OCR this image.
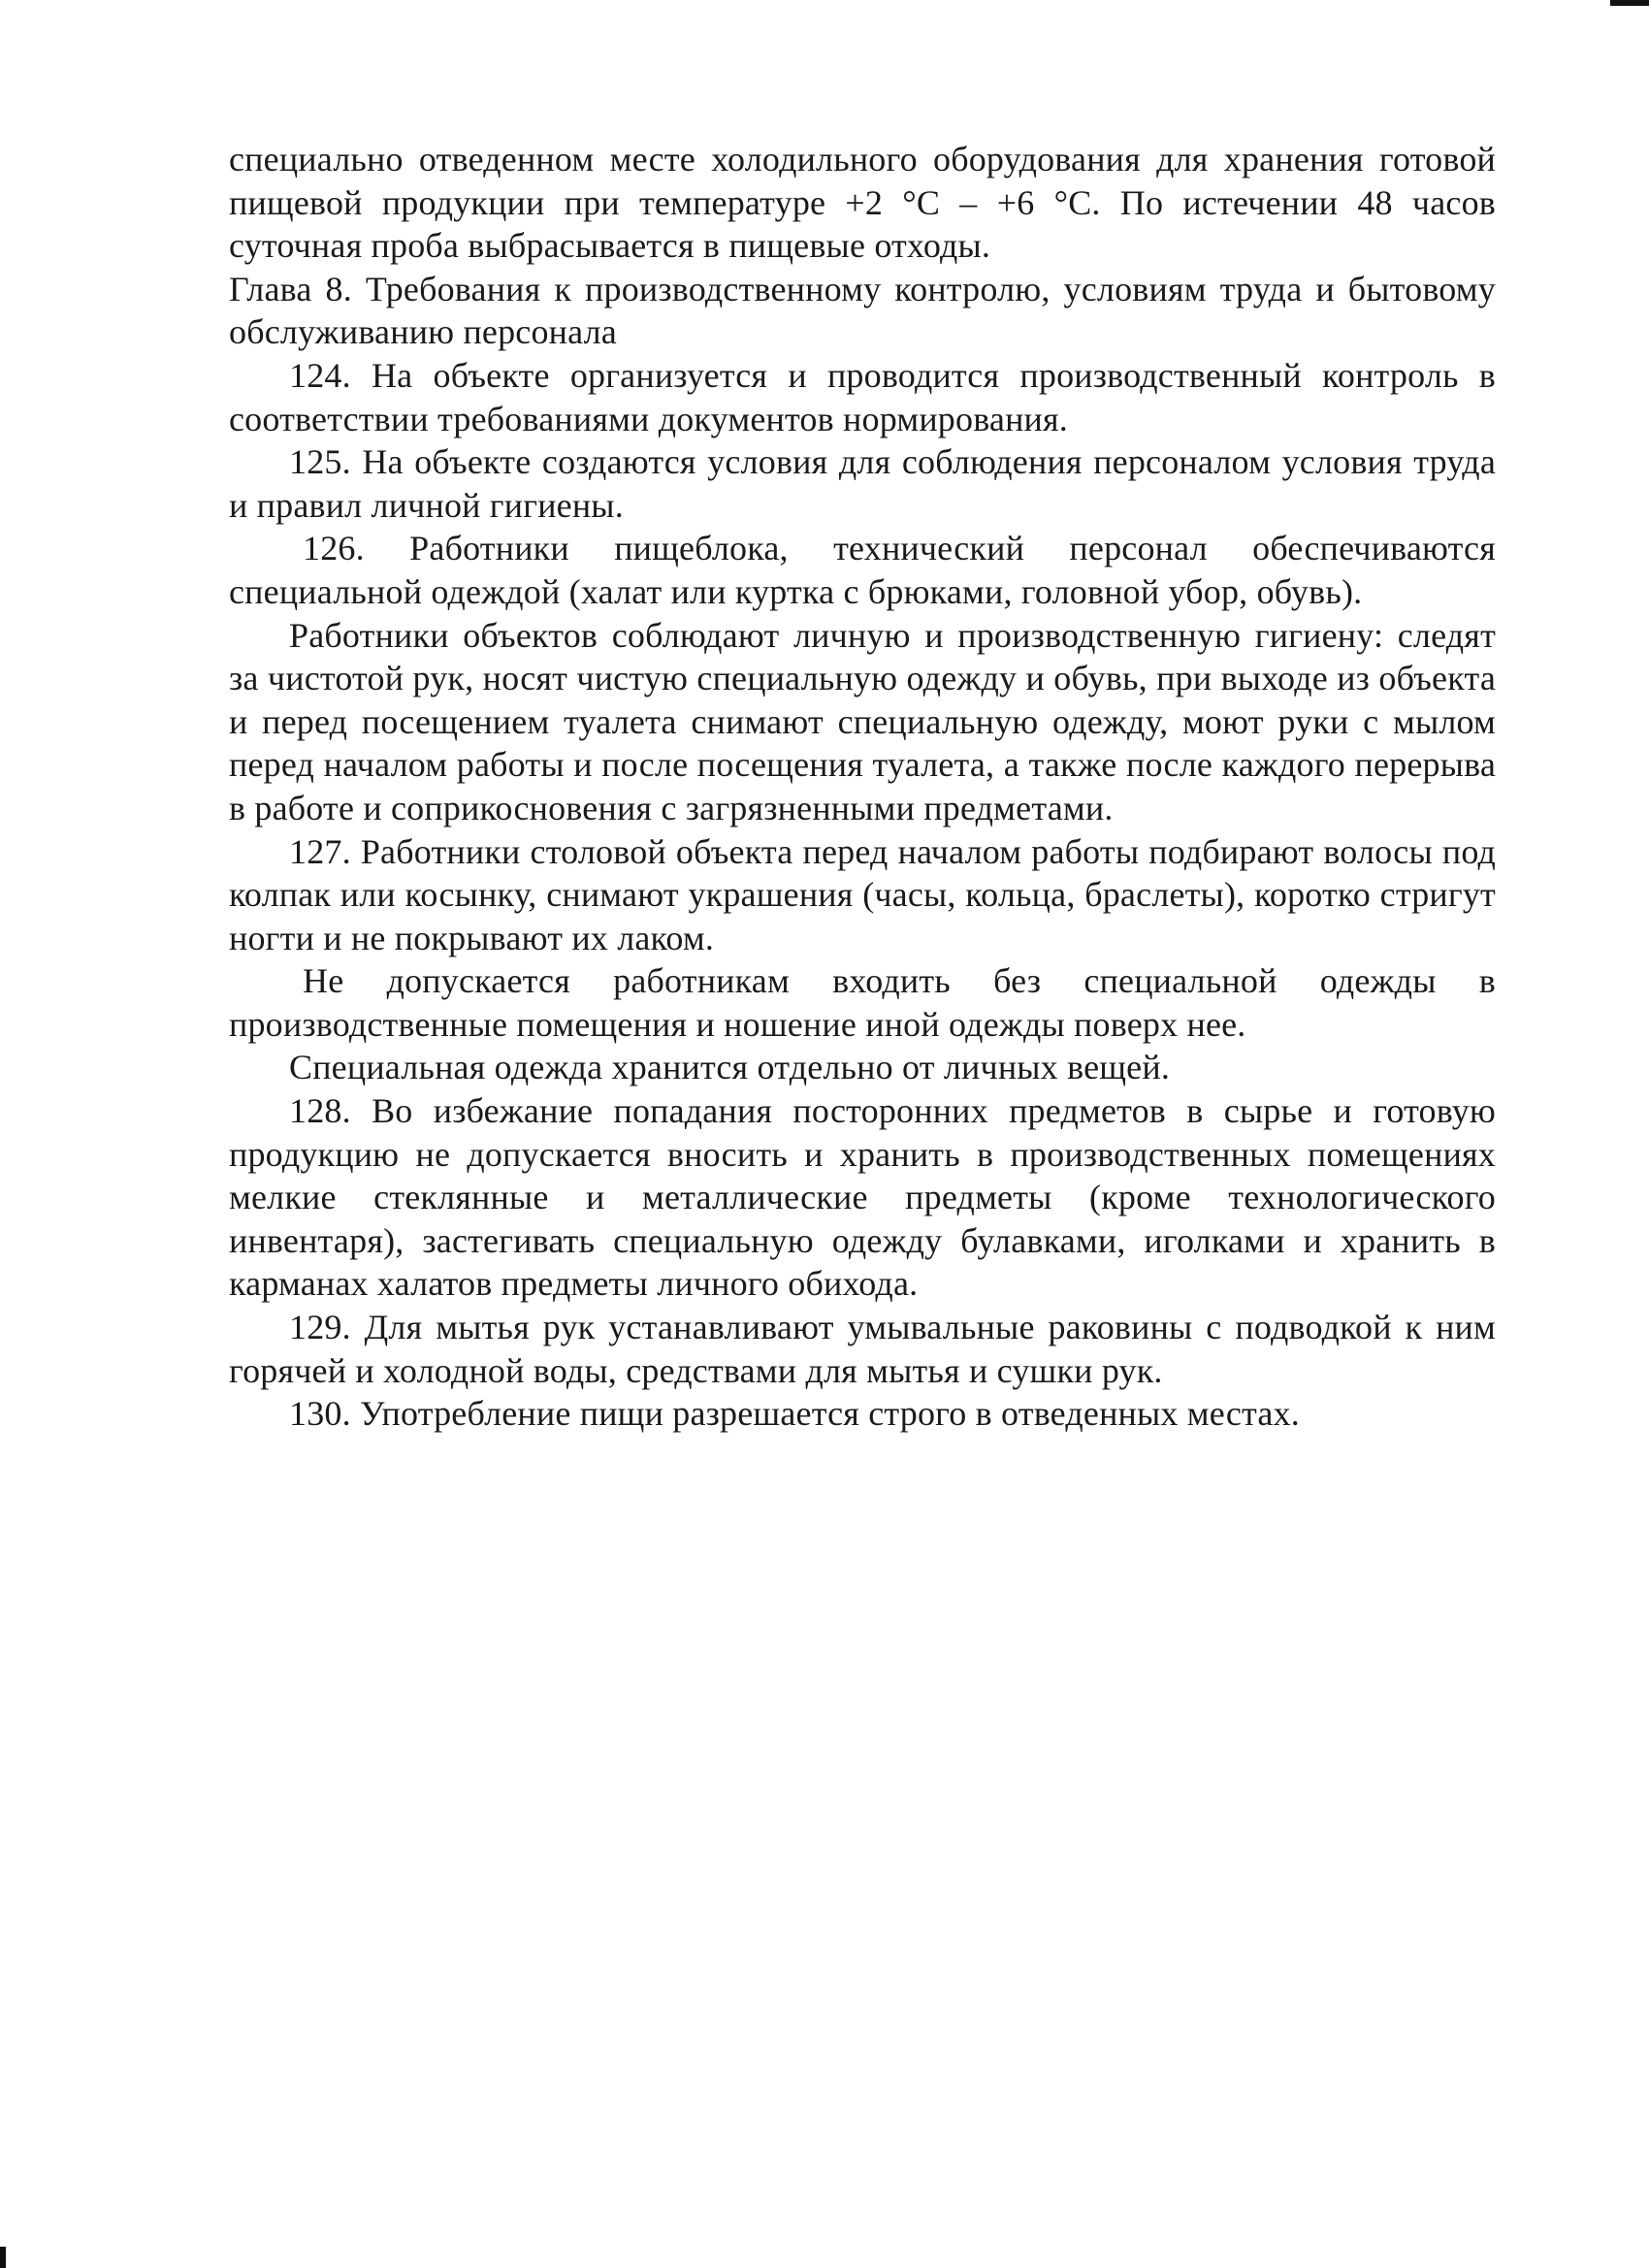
специально отведенном месте холодильного оборудования для хранения готовой пищевой продукции при температуре +2 °С – +6 °С. По истечении 48 часов суточная проба выбрасывается в пищевые отходы.

Глава 8. Требования к производственному контролю, условиям труда и бытовому обслуживанию персонала

124. На объекте организуется и проводится производственный контроль в соответствии требованиями документов нормирования.

125. На объекте создаются условия для соблюдения персоналом условия труда и правил личной гигиены.

126. Работники пищеблока, технический персонал обеспечиваются специальной одеждой (халат или куртка с брюками, головной убор, обувь).

Работники объектов соблюдают личную и производственную гигиену: следят за чистотой рук, носят чистую специальную одежду и обувь, при выходе из объекта и перед посещением туалета снимают специальную одежду, моют руки с мылом перед началом работы и после посещения туалета, а также после каждого перерыва в работе и соприкосновения с загрязненными предметами.

127. Работники столовой объекта перед началом работы подбирают волосы под колпак или косынку, снимают украшения (часы, кольца, браслеты), коротко стригут ногти и не покрывают их лаком.

Не допускается работникам входить без специальной одежды в производственные помещения и ношение иной одежды поверх нее.

Специальная одежда хранится отдельно от личных вещей.

128. Во избежание попадания посторонних предметов в сырье и готовую продукцию не допускается вносить и хранить в производственных помещениях мелкие стеклянные и металлические предметы (кроме технологического инвентаря), застегивать специальную одежду булавками, иголками и хранить в карманах халатов предметы личного обихода.

129. Для мытья рук устанавливают умывальные раковины с подводкой к ним горячей и холодной воды, средствами для мытья и сушки рук.

130. Употребление пищи разрешается строго в отведенных местах.
